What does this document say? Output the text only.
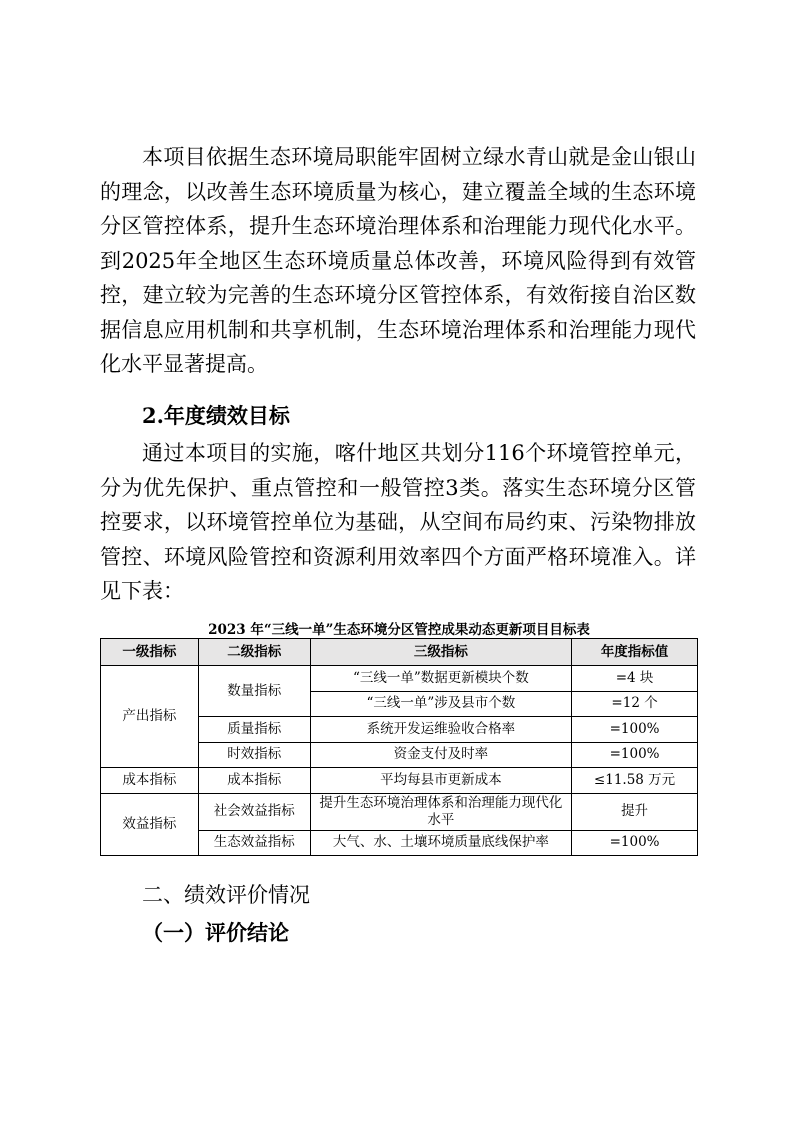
本项目依据生态环境局职能牢固树立绿水青山就是金山银山的理念，以改善生态环境质量为核心，建立覆盖全域的生态环境分区管控体系，提升生态环境治理体系和治理能力现代化水平。到2025年全地区生态环境质量总体改善，环境风险得到有效管控，建立较为完善的生态环境分区管控体系，有效衔接自治区数据信息应用机制和共享机制，生态环境治理体系和治理能力现代化水平显著提高。

2.年度绩效目标

通过本项目的实施，喀什地区共划分116个环境管控单元，分为优先保护、重点管控和一般管控3类。落实生态环境分区管控要求，以环境管控单位为基础，从空间布局约束、污染物排放管控、环境风险管控和资源利用效率四个方面严格环境准入。详见下表：

2023 年“三线一单”生态环境分区管控成果动态更新项目目标表

一级指标	二级指标	三级指标	年度指标值
产出指标	数量指标	“三线一单”数据更新模块个数	=4 块
		“三线一单”涉及县市个数	=12 个
	质量指标	系统开发运维验收合格率	=100%
	时效指标	资金支付及时率	=100%
成本指标	成本指标	平均每县市更新成本	≤11.58 万元
效益指标	社会效益指标	提升生态环境治理体系和治理能力现代化水平	提升
	生态效益指标	大气、水、土壤环境质量底线保护率	=100%

二、绩效评价情况

（一）评价结论
